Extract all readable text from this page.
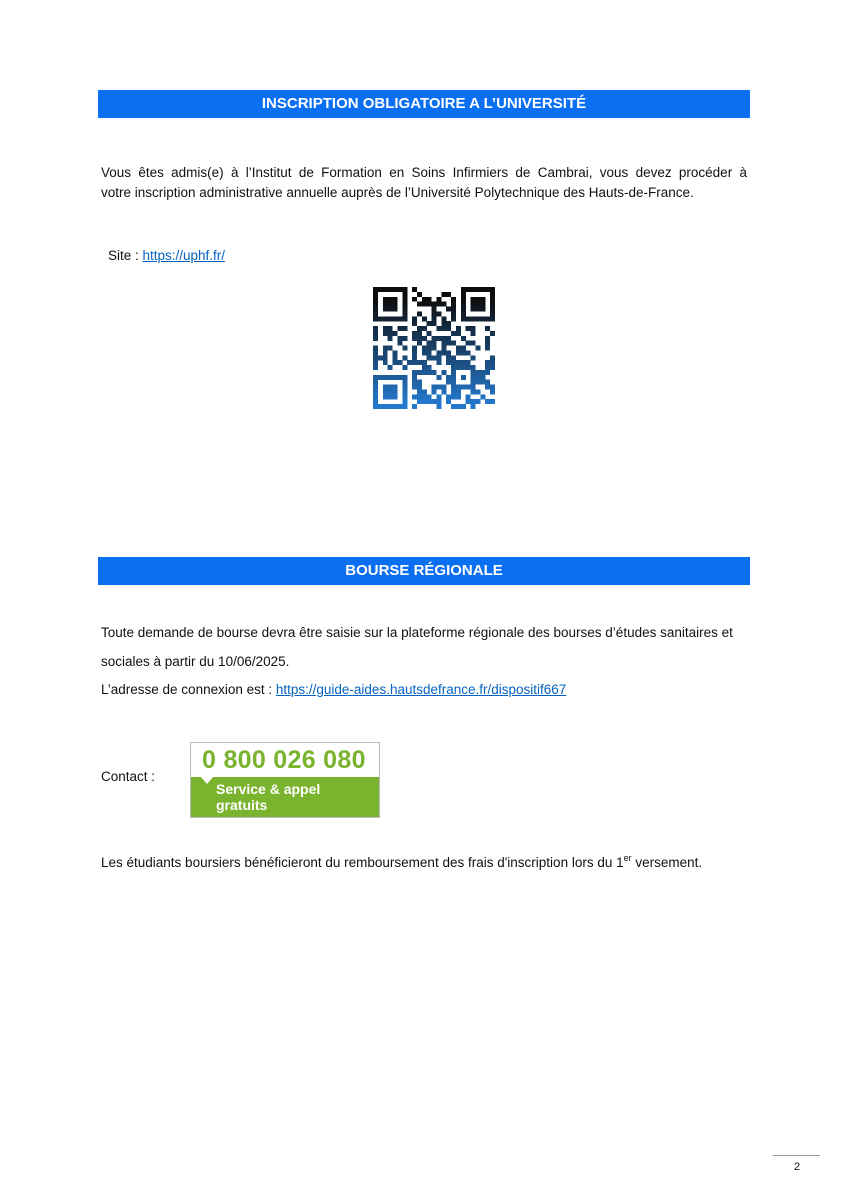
INSCRIPTION OBLIGATOIRE A L’UNIVERSITÉ
Vous êtes admis(e) à l’Institut de Formation en Soins Infirmiers de Cambrai, vous devez procéder à
votre inscription administrative annuelle auprès de l’Université Polytechnique des Hauts-de-France.
Site : https://uphf.fr/
BOURSE RÉGIONALE
Toute demande de bourse devra être saisie sur la plateforme régionale des bourses d’études sanitaires et
sociales à partir du 10/06/2025.
L’adresse de connexion est : https://guide-aides.hautsdefrance.fr/dispositif667
Contact :
0 800 026 080
Service & appel
gratuits
Les étudiants boursiers bénéficieront du remboursement des frais d'inscription lors du 1er versement.
2
